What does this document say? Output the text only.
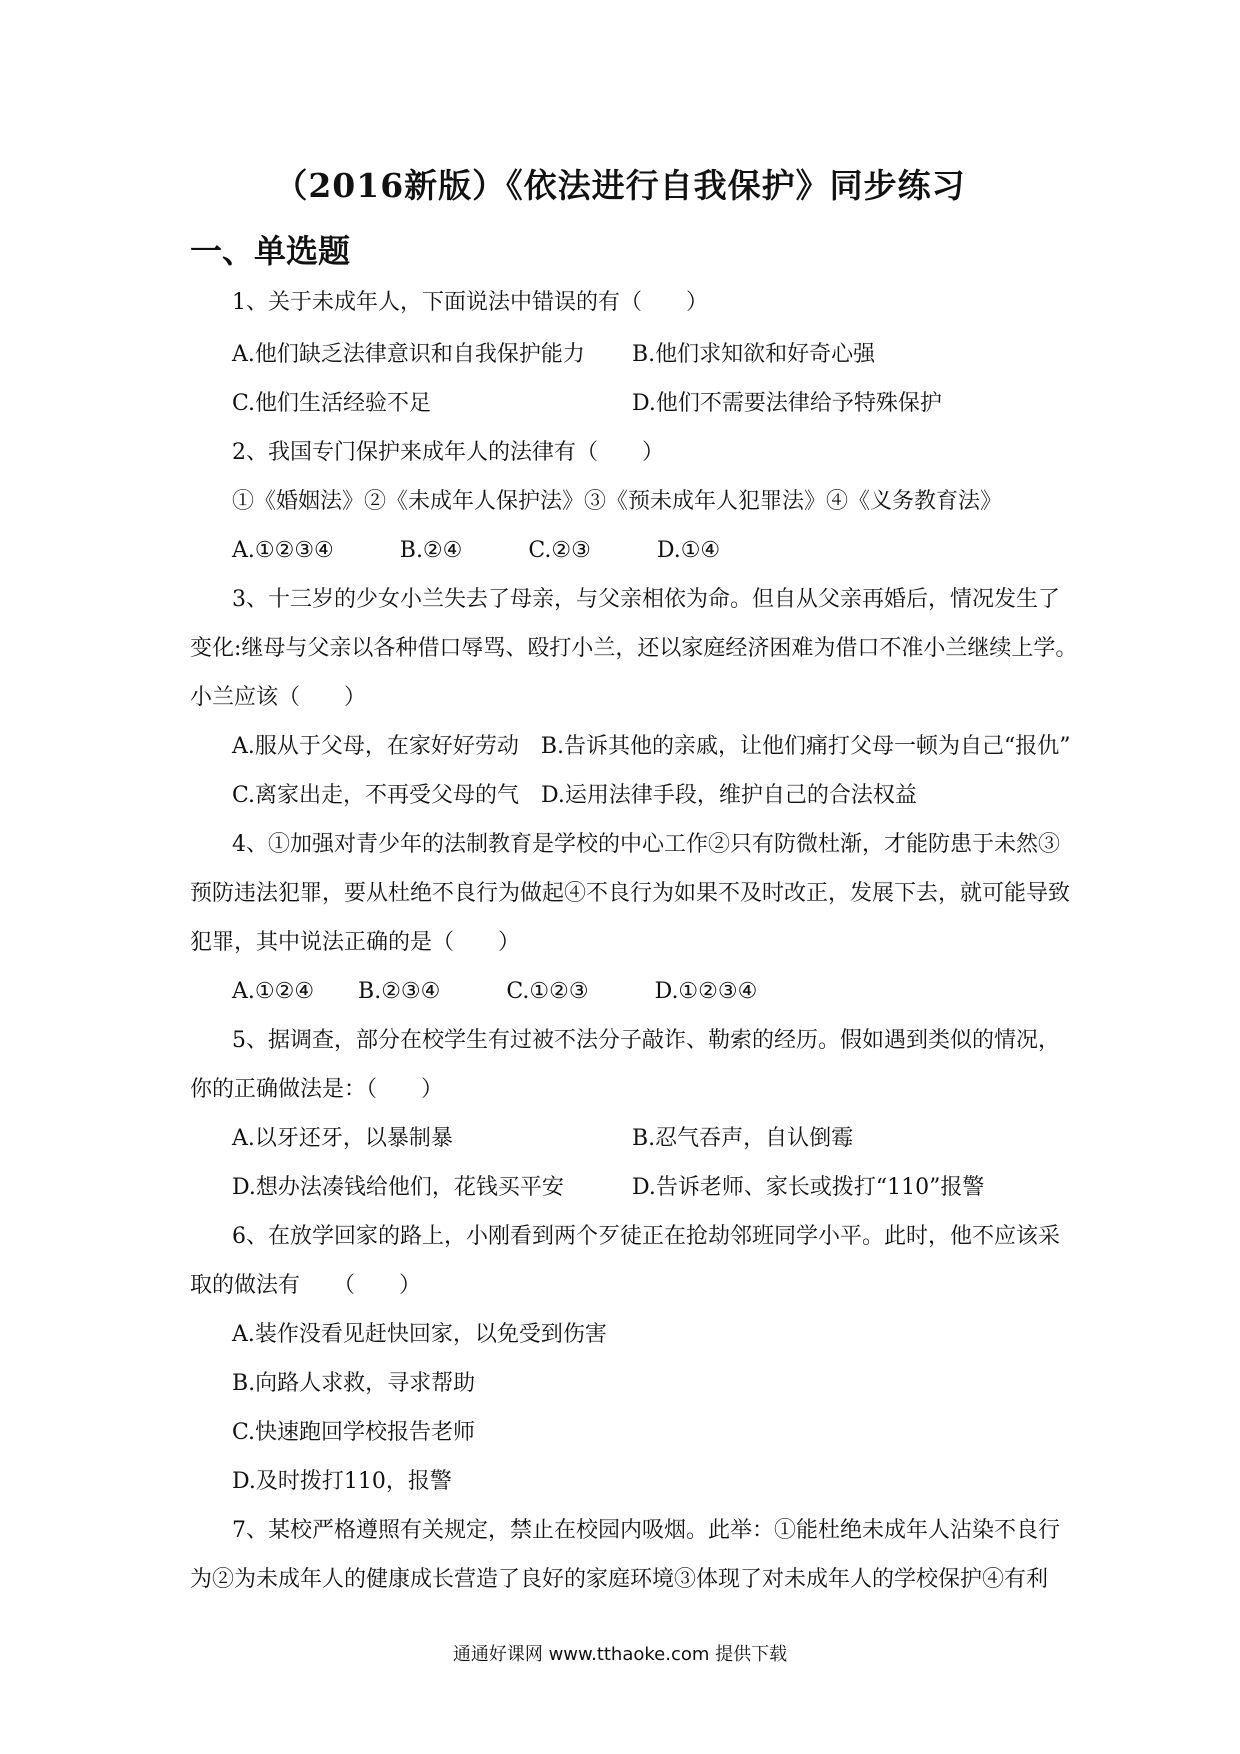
（2016新版）《依法进行自我保护》同步练习
一、单选题
1、关于未成年人，下面说法中错误的有（　　）
A.他们缺乏法律意识和自我保护能力 B.他们求知欲和好奇心强
C.他们生活经验不足	D.他们不需要法律给予特殊保护
2、我国专门保护来成年人的法律有（　　）
①《婚姻法》②《未成年人保护法》③《预未成年人犯罪法》④《义务教育法》
A.①②③④　　　B.②④　　　C.②③　　　D.①④
3、十三岁的少女小兰失去了母亲，与父亲相依为命。但自从父亲再婚后，情况发生了
变化:继母与父亲以各种借口辱骂、殴打小兰，还以家庭经济困难为借口不准小兰继续上学。
小兰应该（　　）
A.服从于父母，在家好好劳动　B.告诉其他的亲戚，让他们痛打父母一顿为自己“报仇”
C.离家出走，不再受父母的气　D.运用法律手段，维护自己的合法权益
4、①加强对青少年的法制教育是学校的中心工作②只有防微杜渐，才能防患于未然③
预防违法犯罪，要从杜绝不良行为做起④不良行为如果不及时改正，发展下去，就可能导致
犯罪，其中说法正确的是（　　）
A.①②④　　B.②③④　　　C.①②③　　　D.①②③④
5、据调查，部分在校学生有过被不法分子敲诈、勒索的经历。假如遇到类似的情况，
你的正确做法是：（　　）
A.以牙还牙，以暴制暴	B.忍气吞声，自认倒霉
D.想办法凑钱给他们，花钱买平安	D.告诉老师、家长或拨打“110”报警
6、在放学回家的路上，小刚看到两个歹徒正在抢劫邻班同学小平。此时，他不应该采
取的做法有　　（　　）
A.装作没看见赶快回家，以免受到伤害
B.向路人求救，寻求帮助
C.快速跑回学校报告老师
D.及时拨打110，报警
7、某校严格遵照有关规定，禁止在校园内吸烟。此举：①能杜绝未成年人沾染不良行
为②为未成年人的健康成长营造了良好的家庭环境③体现了对未成年人的学校保护④有利
通通好课网 www.tthaoke.com 提供下载
